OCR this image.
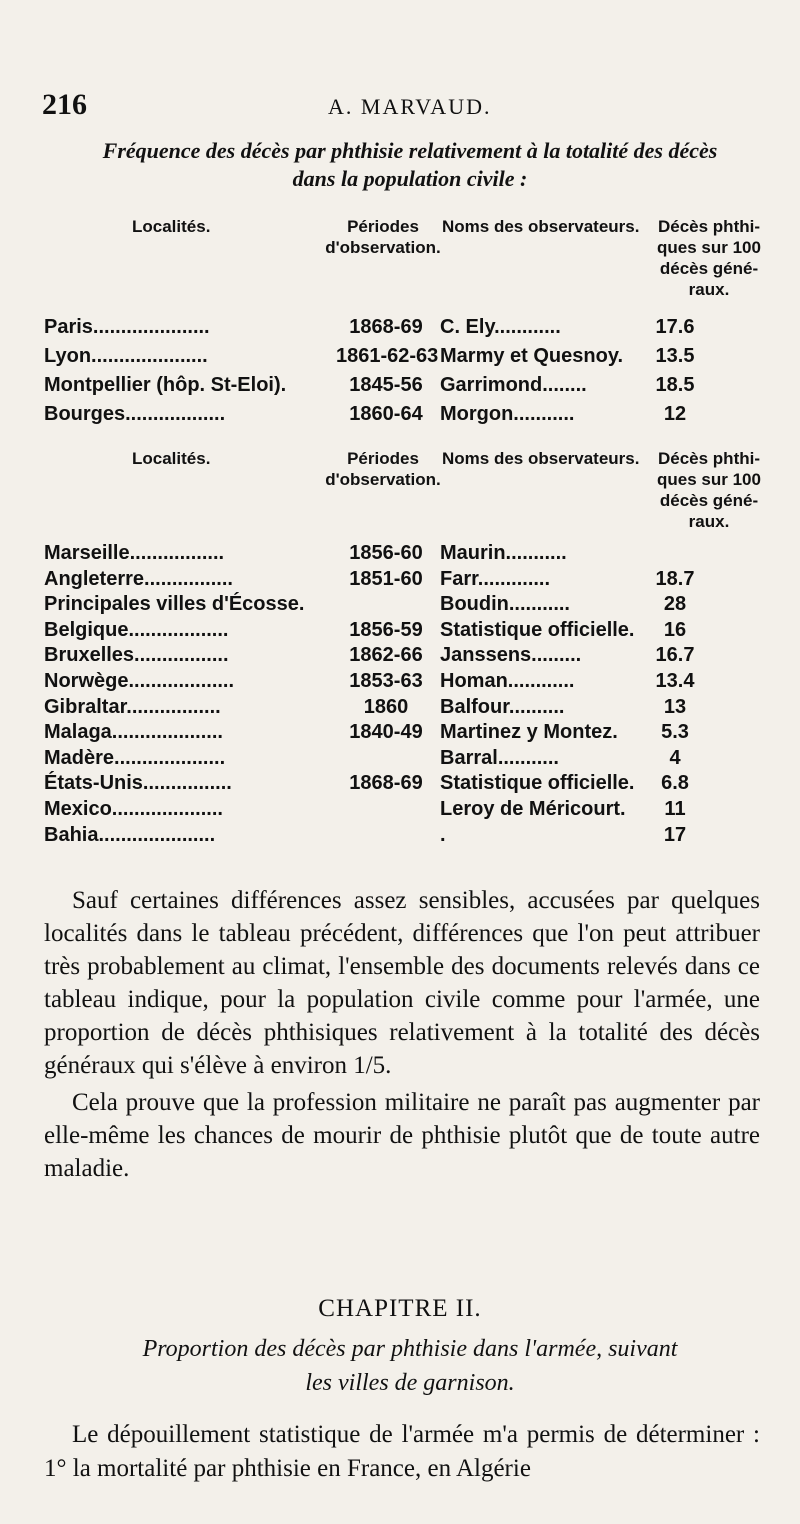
216	A. MARVAUD.
Fréquence des décès par phthisie relativement à la totalité des décès
dans la population civile :
Localités.	Périodes
d'observation.
Noms des observateurs.	Décès phthi-
ques sur 100
décès géné-
raux.
Paris.....................	1868-69 C. Ely............	17.6
Lyon.....................	1861-62-63 Marmy et Quesnoy.	13.5
Montpellier (hôp. St-Eloi).	1845-56 Garrimond........	18.5
Bourges..................	1860-64 Morgon...........	12
Localités.	Périodes
d'observation.
Noms des observateurs.	Décès phthi-
ques sur 100
décès géné-
raux.
Marseille.................	1856-60 Maurin...........
Angleterre................	1851-60 Farr.............	18.7
Principales villes d'Écosse.	Boudin...........	28
Belgique..................	1856-59 Statistique officielle.	16
Bruxelles.................	1862-66 Janssens.........	16.7
Norwège...................	1853-63 Homan............	13.4
Gibraltar.................	1860	Balfour..........	13
Malaga....................	1840-49 Martinez y Montez.	5.3
Madère....................	Barral...........	4
États-Unis................	1868-69 Statistique officielle.	6.8
Mexico....................	Leroy de Méricourt.	11
Bahia.....................	.	17

Sauf certaines différences assez sensibles, accusées par quelques localités dans le tableau précédent, différences que l'on peut attribuer très probablement au climat, l'ensemble des documents relevés dans ce tableau indique, pour la population civile comme pour l'armée, une proportion de décès phthisiques relativement à la totalité des décès généraux qui s'élève à environ 1/5.

Cela prouve que la profession militaire ne paraît pas augmenter par elle-même les chances de mourir de phthisie plutôt que de toute autre maladie.

CHAPITRE II.
Proportion des décès par phthisie dans l'armée, suivant
les villes de garnison.
Le dépouillement statistique de l'armée m'a permis de déterminer : 1° la mortalité par phthisie en France, en Algérie
